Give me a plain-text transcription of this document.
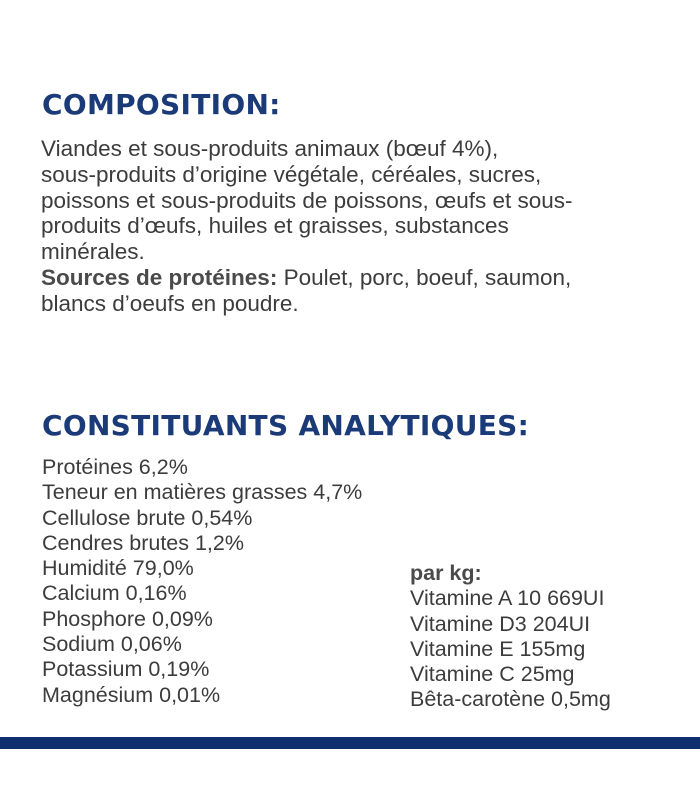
COMPOSITION:

Viandes et sous-produits animaux (bœuf 4%),
sous-produits d’origine végétale, céréales, sucres,
poissons et sous-produits de poissons, œufs et sous-
produits d’œufs, huiles et graisses, substances
minérales.
Sources de protéines: Poulet, porc, boeuf, saumon,
blancs d’oeufs en poudre.

CONSTITUANTS ANALYTIQUES:
Protéines 6,2%
Teneur en matières grasses 4,7%
Cellulose brute 0,54%
Cendres brutes 1,2%
Humidité 79,0%
Calcium 0,16%
Phosphore 0,09%
Sodium 0,06%
Potassium 0,19%
Magnésium 0,01%
par kg:
Vitamine A 10 669UI
Vitamine D3 204UI
Vitamine E 155mg
Vitamine C 25mg
Bêta-carotène 0,5mg
